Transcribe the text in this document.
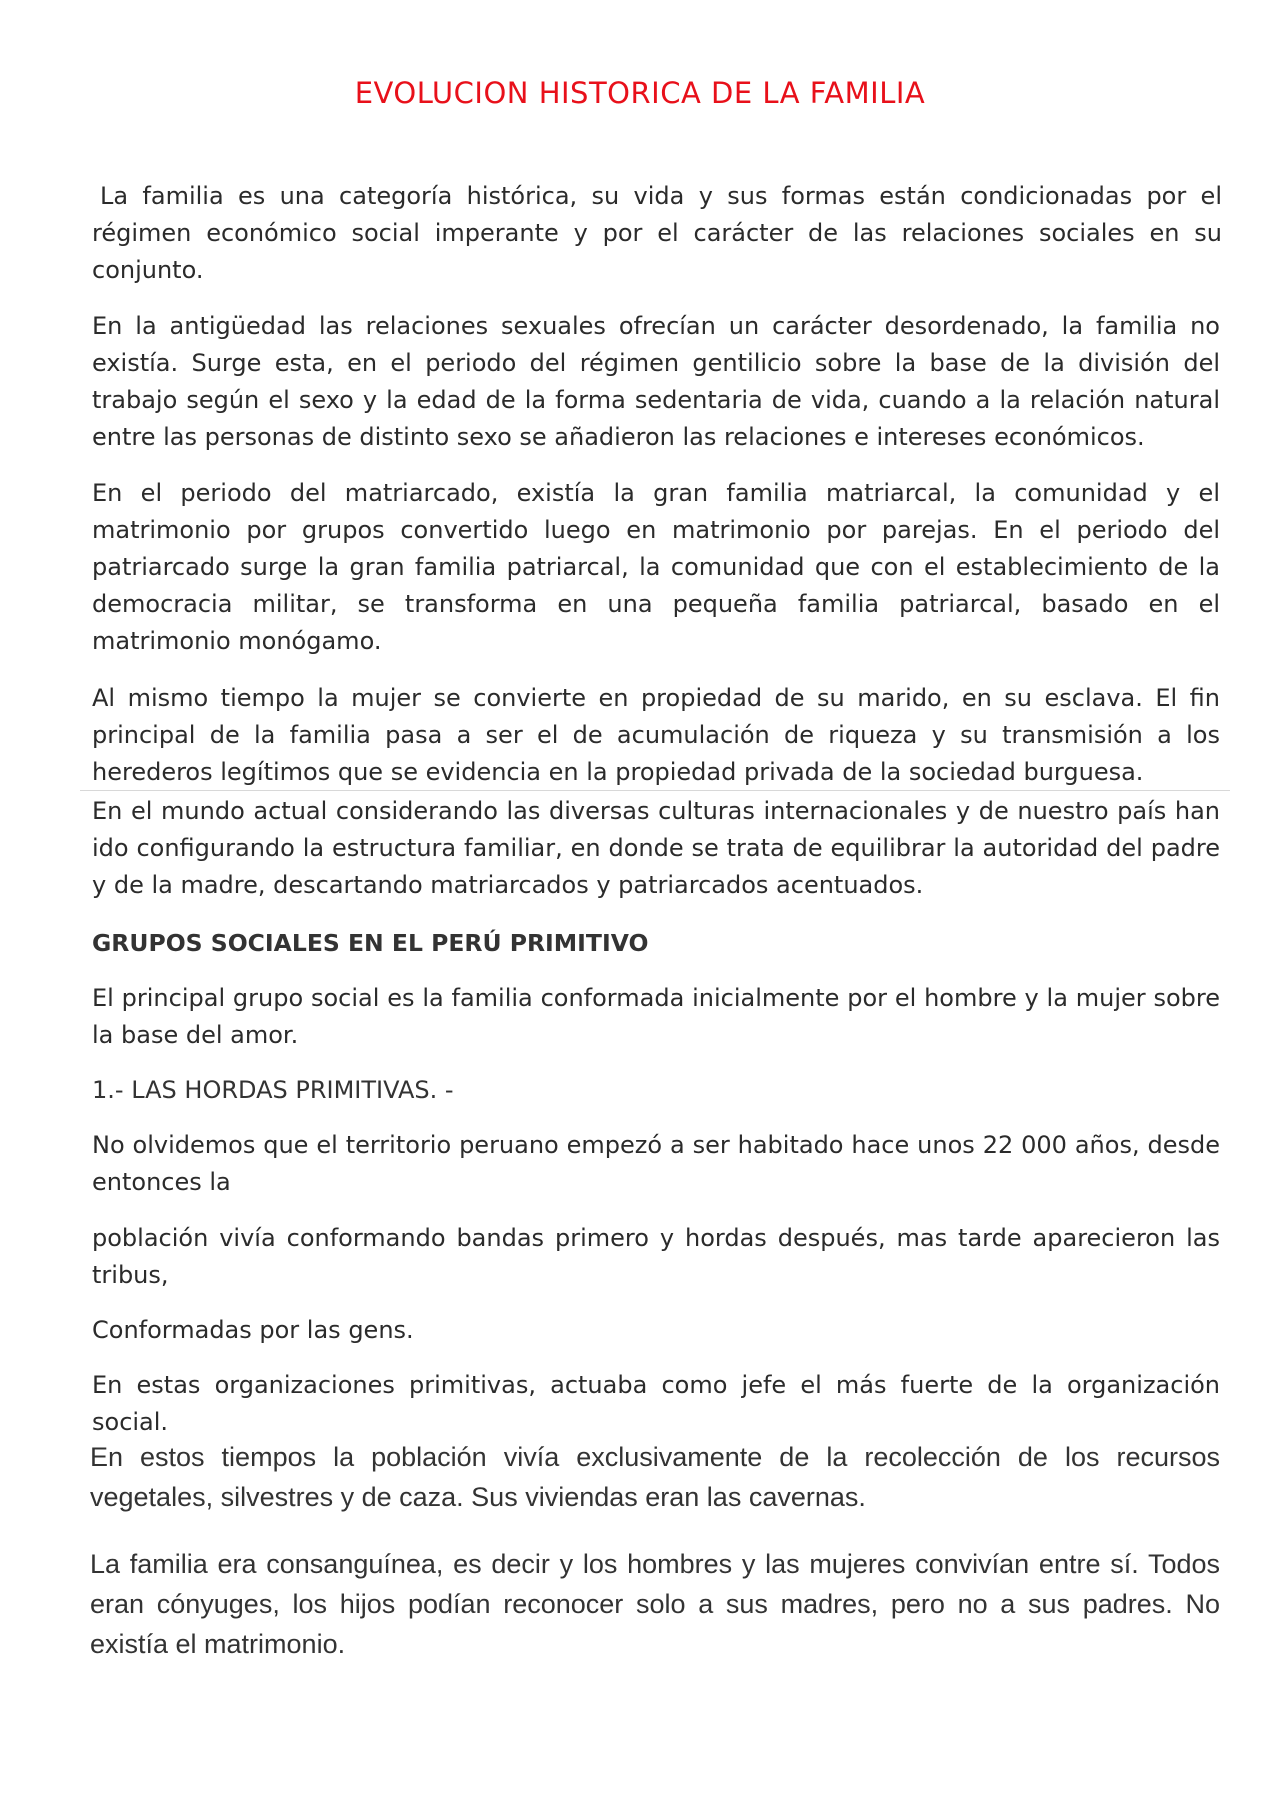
EVOLUCION HISTORICA DE LA FAMILIA

La familia es una categoría histórica, su vida y sus formas están condicionadas por el régimen económico social imperante y por el carácter de las relaciones sociales en su conjunto.

En la antigüedad las relaciones sexuales ofrecían un carácter desordenado, la familia no existía. Surge esta, en el periodo del régimen gentilicio sobre la base de la división del trabajo según el sexo y la edad de la forma sedentaria de vida, cuando a la relación natural entre las personas de distinto sexo se añadieron las relaciones e intereses económicos.

En el periodo del matriarcado, existía la gran familia matriarcal, la comunidad y el matrimonio por grupos convertido luego en matrimonio por parejas. En el periodo del patriarcado surge la gran familia patriarcal, la comunidad que con el establecimiento de la democracia militar, se transforma en una pequeña familia patriarcal, basado en el matrimonio monógamo.

Al mismo tiempo la mujer se convierte en propiedad de su marido, en su esclava. El fin principal de la familia pasa a ser el de acumulación de riqueza y su transmisión a los herederos legítimos que se evidencia en la propiedad privada de la sociedad burguesa.

En el mundo actual considerando las diversas culturas internacionales y de nuestro país han ido configurando la estructura familiar, en donde se trata de equilibrar la autoridad del padre y de la madre, descartando matriarcados y patriarcados acentuados.

GRUPOS SOCIALES EN EL PERÚ PRIMITIVO

El principal grupo social es la familia conformada inicialmente por el hombre y la mujer sobre la base del amor.

1.- LAS HORDAS PRIMITIVAS. -

No olvidemos que el territorio peruano empezó a ser habitado hace unos 22 000 años, desde entonces la

población vivía conformando bandas primero y hordas después, mas tarde aparecieron las tribus,

Conformadas por las gens.

En estas organizaciones primitivas, actuaba como jefe el más fuerte de la organización social.

En estos tiempos la población vivía exclusivamente de la recolección de los recursos vegetales, silvestres y de caza. Sus viviendas eran las cavernas.

La familia era consanguínea, es decir y los hombres y las mujeres convivían entre sí. Todos eran cónyuges, los hijos podían reconocer solo a sus madres, pero no a sus padres. No existía el matrimonio.
